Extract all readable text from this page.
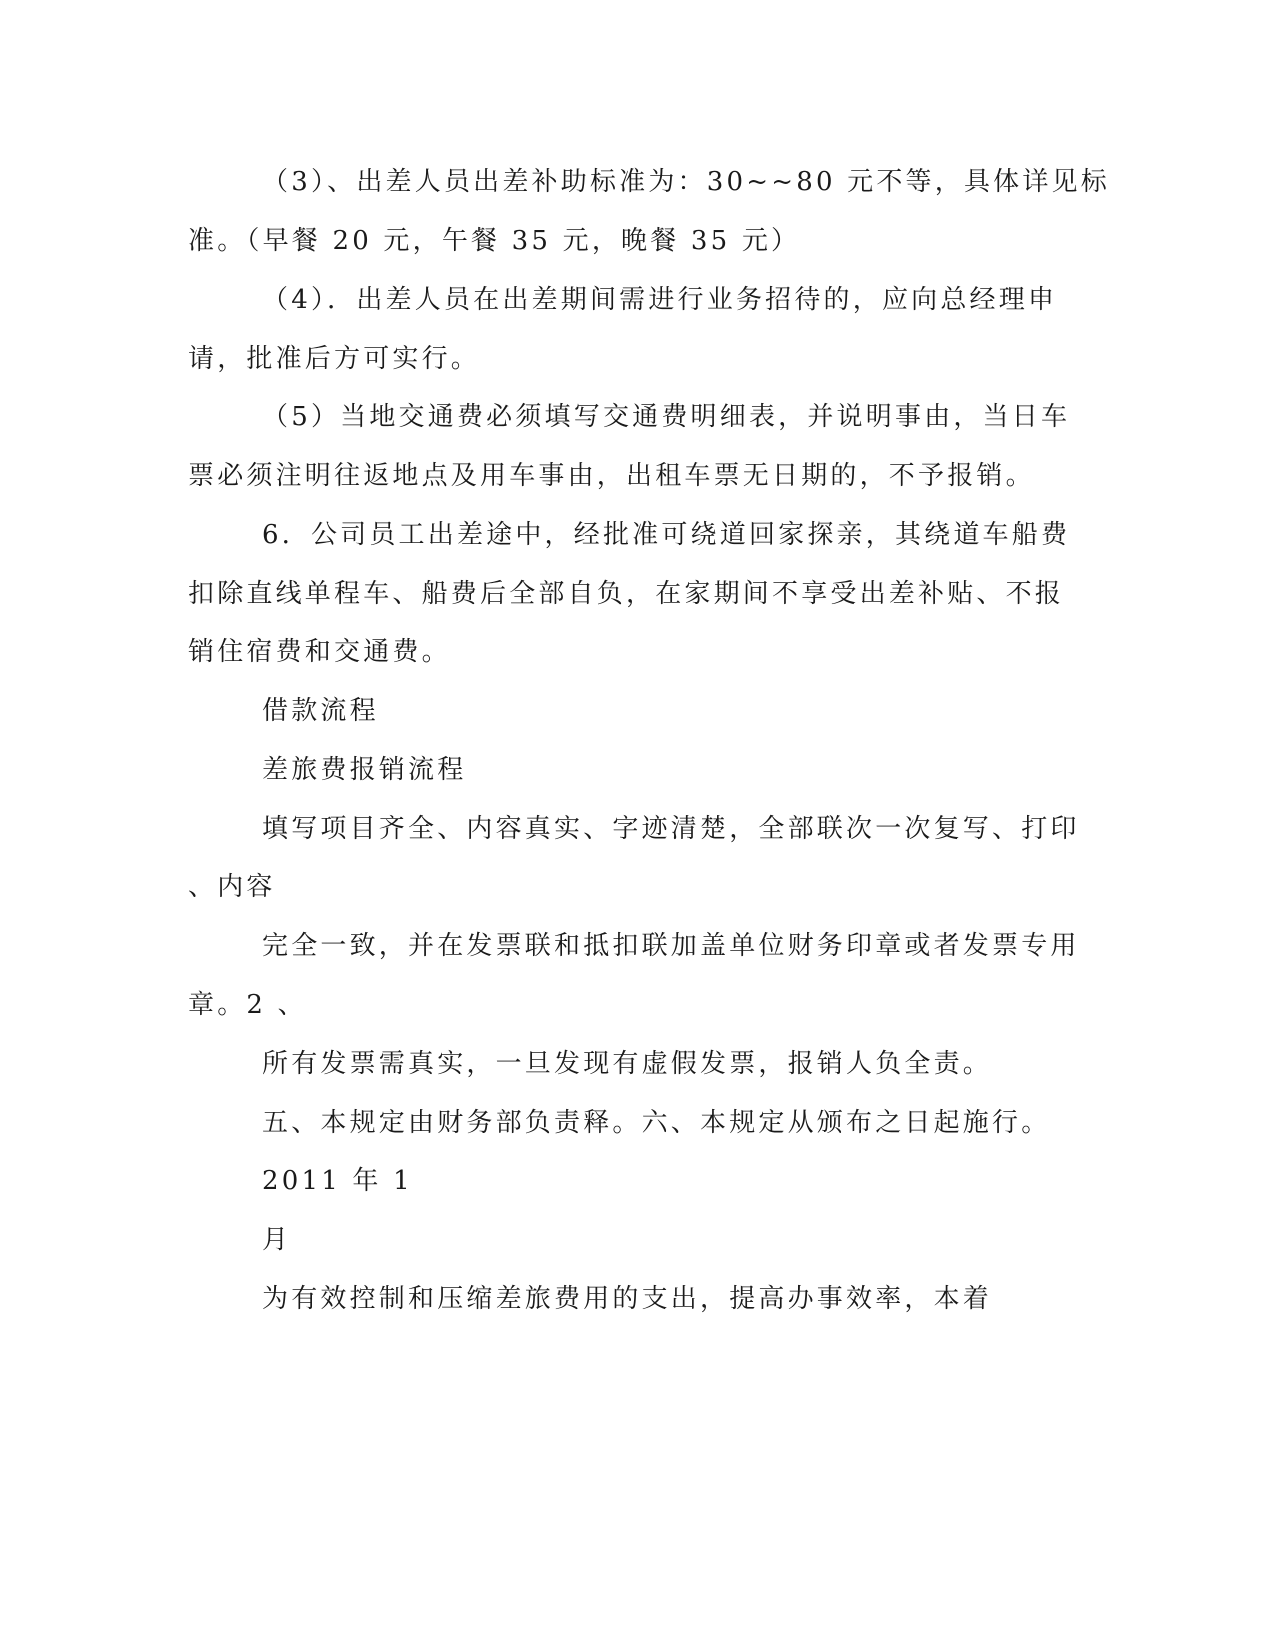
（3）、出差人员出差补助标准为：30~~80 元不等，具体详见标
准。（早餐 20 元，午餐 35 元，晚餐 35 元）
（4）．出差人员在出差期间需进行业务招待的，应向总经理申
请，批准后方可实行。
（5）当地交通费必须填写交通费明细表，并说明事由，当日车
票必须注明往返地点及用车事由，出租车票无日期的，不予报销。
6．公司员工出差途中，经批准可绕道回家探亲，其绕道车船费
扣除直线单程车、船费后全部自负，在家期间不享受出差补贴、不报
销住宿费和交通费。
借款流程
差旅费报销流程
填写项目齐全、内容真实、字迹清楚，全部联次一次复写、打印
、内容
完全一致，并在发票联和抵扣联加盖单位财务印章或者发票专用
章。2 、
所有发票需真实，一旦发现有虚假发票，报销人负全责。
五、本规定由财务部负责释。六、本规定从颁布之日起施行。
2011 年 1
月
为有效控制和压缩差旅费用的支出，提高办事效率，本着
